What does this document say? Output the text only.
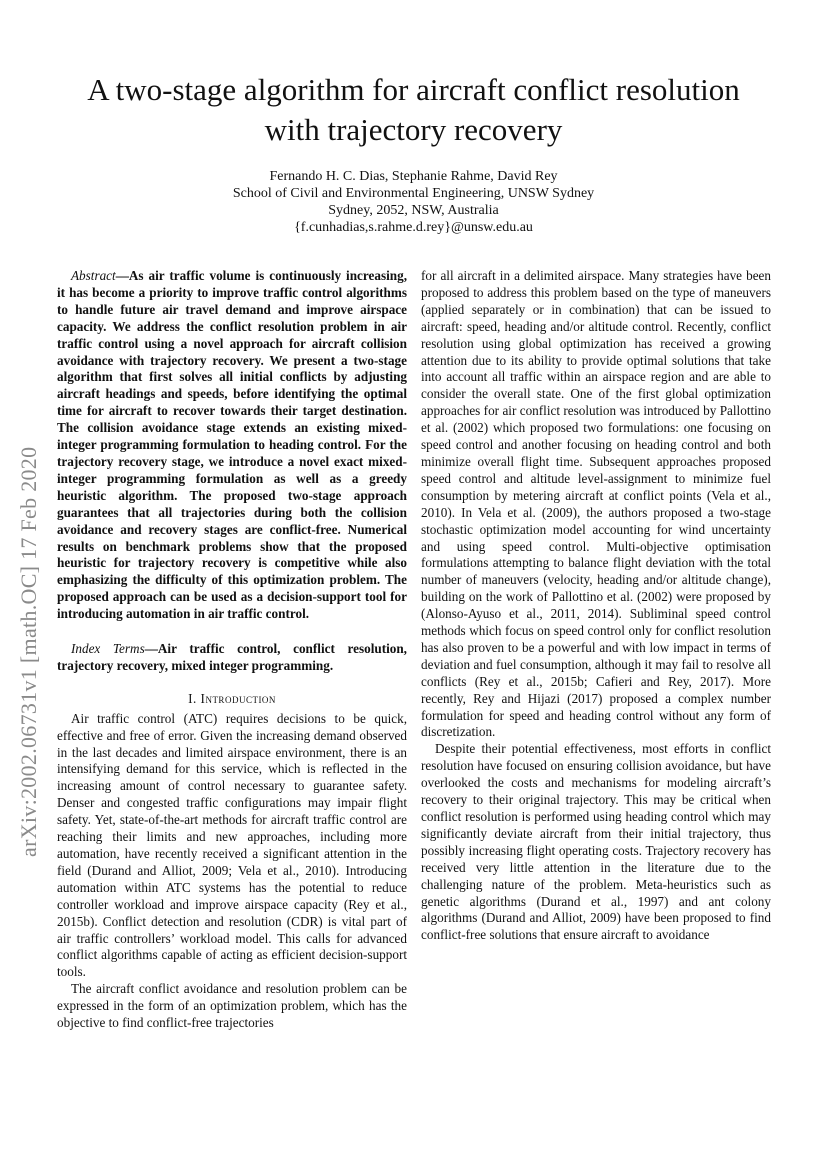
arXiv:2002.06731v1 [math.OC] 17 Feb 2020
A two-stage algorithm for aircraft conflict resolution
with trajectory recovery
Fernando H. C. Dias, Stephanie Rahme, David Rey
School of Civil and Environmental Engineering, UNSW Sydney
Sydney, 2052, NSW, Australia
{f.cunhadias,s.rahme.d.rey}@unsw.edu.au

Abstract—As air traffic volume is continuously increasing, it has become a priority to improve traffic control algorithms to handle future air travel demand and improve airspace capacity. We address the conflict resolution problem in air traffic control using a novel approach for aircraft collision avoidance with trajectory recovery. We present a two-stage algorithm that first solves all initial conflicts by adjusting aircraft headings and speeds, before identifying the optimal time for aircraft to recover towards their target destination. The collision avoidance stage extends an existing mixed-integer programming formulation to heading control. For the trajectory recovery stage, we introduce a novel exact mixed-integer programming formulation as well as a greedy heuristic algorithm. The proposed two-stage approach guarantees that all trajectories during both the collision avoidance and recovery stages are conflict-free. Numerical results on benchmark problems show that the proposed heuristic for trajectory recovery is competitive while also emphasizing the difficulty of this optimization problem. The proposed approach can be used as a decision-support tool for introducing automation in air traffic control.

Index Terms—Air traffic control, conflict resolution, trajectory recovery, mixed integer programming.

I. Introduction

Air traffic control (ATC) requires decisions to be quick, effective and free of error. Given the increasing demand observed in the last decades and limited airspace environment, there is an intensifying demand for this service, which is reflected in the increasing amount of control necessary to guarantee safety. Denser and congested traffic configurations may impair flight safety. Yet, state-of-the-art methods for aircraft traffic control are reaching their limits and new approaches, including more automation, have recently received a significant attention in the field (Durand and Alliot, 2009; Vela et al., 2010). Introducing automation within ATC systems has the potential to reduce controller workload and improve airspace capacity (Rey et al., 2015b). Conflict detection and resolution (CDR) is vital part of air traffic controllers’ workload model. This calls for advanced conflict algorithms capable of acting as efficient decision-support tools.

The aircraft conflict avoidance and resolution problem can be expressed in the form of an optimization problem, which has the objective to find conflict-free trajectories

for all aircraft in a delimited airspace. Many strategies have been proposed to address this problem based on the type of maneuvers (applied separately or in combination) that can be issued to aircraft: speed, heading and/or altitude control. Recently, conflict resolution using global optimization has received a growing attention due to its ability to provide optimal solutions that take into account all traffic within an airspace region and are able to consider the overall state. One of the first global optimization approaches for air conflict resolution was introduced by Pallottino et al. (2002) which proposed two formulations: one focusing on speed control and another focusing on heading control and both minimize overall flight time. Subsequent approaches proposed speed control and altitude level-assignment to minimize fuel consumption by metering aircraft at conflict points (Vela et al., 2010). In Vela et al. (2009), the authors proposed a two-stage stochastic optimization model accounting for wind uncertainty and using speed control. Multi-objective optimisation formulations attempting to balance flight deviation with the total number of maneuvers (velocity, heading and/or altitude change), building on the work of Pallottino et al. (2002) were proposed by (Alonso-Ayuso et al., 2011, 2014). Subliminal speed control methods which focus on speed control only for conflict resolution has also proven to be a powerful and with low impact in terms of deviation and fuel consumption, although it may fail to resolve all conflicts (Rey et al., 2015b; Cafieri and Rey, 2017). More recently, Rey and Hijazi (2017) proposed a complex number formulation for speed and heading control without any form of discretization.

Despite their potential effectiveness, most efforts in conflict resolution have focused on ensuring collision avoidance, but have overlooked the costs and mechanisms for modeling aircraft’s recovery to their original trajectory. This may be critical when conflict resolution is performed using heading control which may significantly deviate aircraft from their initial trajectory, thus possibly increasing flight operating costs. Trajectory recovery has received very little attention in the literature due to the challenging nature of the problem. Meta-heuristics such as genetic algorithms (Durand et al., 1997) and ant colony algorithms (Durand and Alliot, 2009) have been proposed to find conflict-free solutions that ensure aircraft to avoidance
